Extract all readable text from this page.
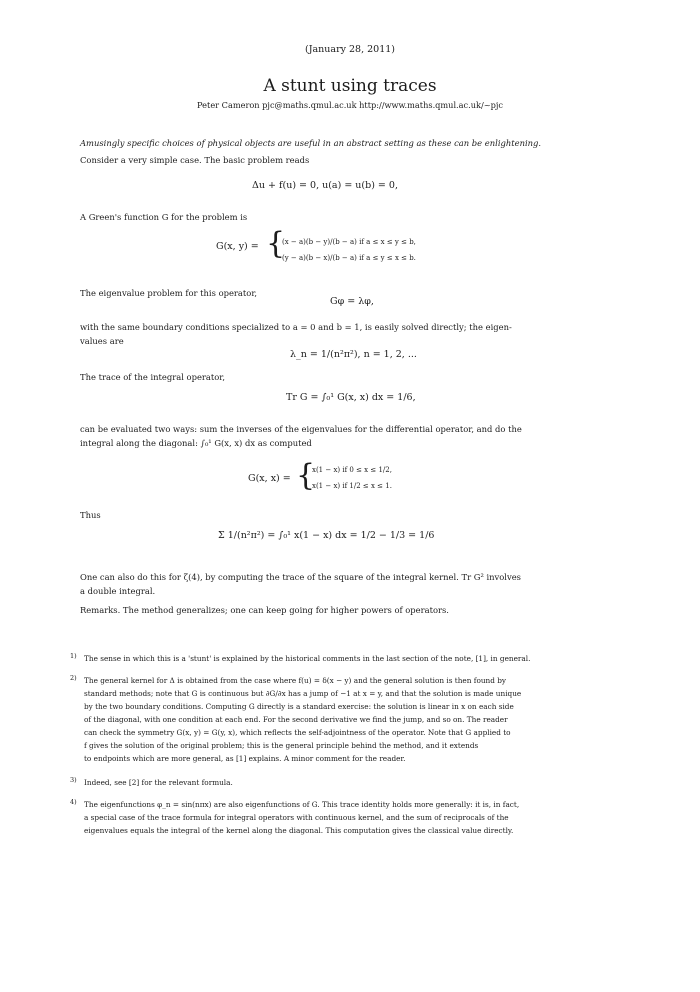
(January 28, 2011)
A stunt using traces
Peter Cameron pjc@maths.qmul.ac.uk http://www.maths.qmul.ac.uk/~pjc
Amusingly specific choices of physical objects are useful in an abstract setting as these can be enlightening.
Consider a very simple case. The basic problem reads
Δu + f(u) = 0, u(a) = u(b) = 0,
A Green's function G for the problem is
G(x, y) = {
(x − a)(b − y)/(b − a) if a ≤ x ≤ y ≤ b,
(y − a)(b − x)/(b − a) if a ≤ y ≤ x ≤ b.
The eigenvalue problem for this operator,
Gφ = λφ,
with the same boundary conditions specialized to a = 0 and b = 1, is easily solved directly; the eigen-
values are
λ_n = 1/(n²π²), n = 1, 2, ...
The trace of the integral operator,
Tr G = ∫₀¹ G(x, x) dx = 1/6,
can be evaluated two ways: sum the inverses of the eigenvalues for the differential operator, and do the
integral along the diagonal: ∫₀¹ G(x, x) dx as computed
G(x, x) = {
x(1 − x) if 0 ≤ x ≤ 1/2,
x(1 − x) if 1/2 ≤ x ≤ 1.
Thus
Σ 1/(n²π²) = ∫₀¹ x(1 − x) dx = 1/2 − 1/3 = 1/6
One can also do this for ζ(4), by computing the trace of the square of the integral kernel. Tr G² involves
a double integral.
Remarks. The method generalizes; one can keep going for higher powers of operators.
1) The sense in which this is a 'stunt' is explained by the historical comments in the last section of the note, [1], in general.
2) The general kernel for Δ is obtained from the case where f(u) = δ(x − y) and the general solution is then found by
standard methods; note that G is continuous but ∂G/∂x has a jump of −1 at x = y, and that the solution is made unique
by the two boundary conditions. Computing G directly is a standard exercise: the solution is linear in x on each side
of the diagonal, with one condition at each end. For the second derivative we find the jump, and so on. The reader
can check the symmetry G(x, y) = G(y, x), which reflects the self-adjointness of the operator. Note that G applied to
f gives the solution of the original problem; this is the general principle behind the method, and it extends
to endpoints which are more general, as [1] explains. A minor comment for the reader.
3) Indeed, see [2] for the relevant formula.
4) The eigenfunctions φ_n = sin(nπx) are also eigenfunctions of G. This trace identity holds more generally: it is, in fact,
a special case of the trace formula for integral operators with continuous kernel, and the sum of reciprocals of the
eigenvalues equals the integral of the kernel along the diagonal. This computation gives the classical value directly.
